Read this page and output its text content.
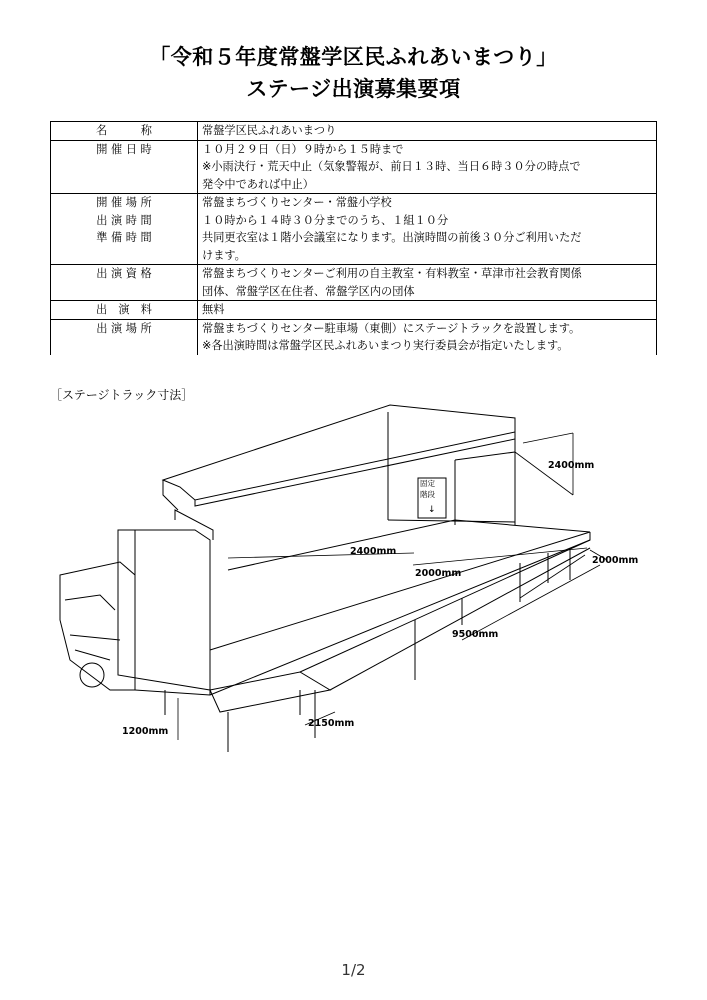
「令和５年度常盤学区民ふれあいまつり」
ステージ出演募集要項
名　　　称	常盤学区民ふれあいまつり

開 催 日 時	１０月２９日（日）９時から１５時まで
※小雨決行・荒天中止（気象警報が、前日１３時、当日６時３０分の時点で
発令中であれば中止）

開 催 場 所	常盤まちづくりセンター・常盤小学校

出 演 時 間	１０時から１４時３０分までのうち、１組１０分

準 備 時 間	共同更衣室は１階小会議室になります。出演時間の前後３０分ご利用いただ
けます。

出 演 資 格	常盤まちづくりセンターご利用の自主教室・有料教室・草津市社会教育関係
団体、常盤学区在住者、常盤学区内の団体

出　演　料	無料

出 演 場 所	常盤まちづくりセンター駐車場（東側）にステージトラックを設置します。
※各出演時間は常盤学区民ふれあいまつり実行委員会が指定いたします。
［ステージトラック寸法］
固定
階段
↓
2400mm
2400mm
2000mm
2000mm
9500mm
2150mm
1200mm
1/2
